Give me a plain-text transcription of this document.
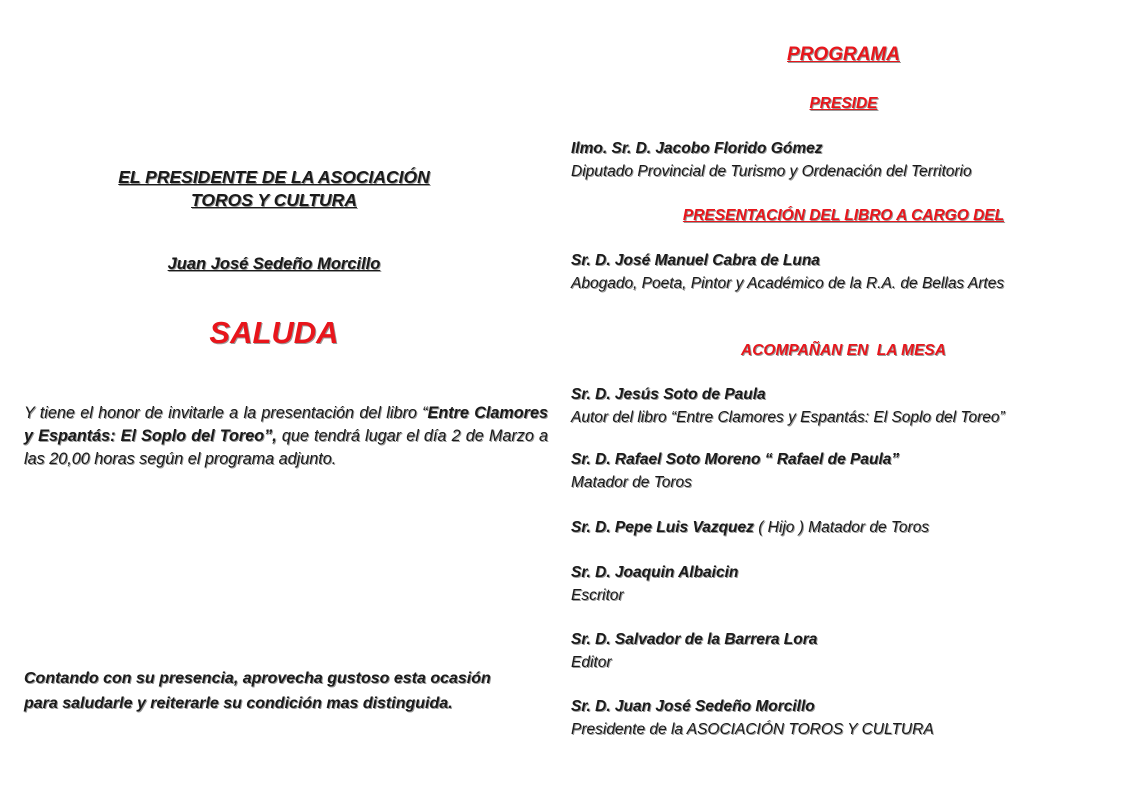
EL PRESIDENTE DE LA ASOCIACIÓN
TOROS Y CULTURA
Juan José Sedeño Morcillo
SALUDA
Y tiene el honor de invitarle a la presentación del libro “Entre Clamores y Espantás: El Soplo del Toreo”, que tendrá lugar el día 2 de Marzo a las 20,00 horas según el programa adjunto.
Contando con su presencia, aprovecha gustoso esta ocasión para saludarle y reiterarle su condición mas distinguida.
PROGRAMA
PRESIDE
Ilmo. Sr. D. Jacobo Florido Gómez
Diputado Provincial de Turismo y Ordenación del Territorio
PRESENTACIÓN DEL LIBRO A CARGO DEL
Sr. D. José Manuel Cabra de Luna
Abogado, Poeta, Pintor y Académico de la R.A. de Bellas Artes
ACOMPAÑAN EN  LA MESA
Sr. D. Jesús Soto de Paula
Autor del libro “Entre Clamores y Espantás: El Soplo del Toreo”
Sr. D. Rafael Soto Moreno “ Rafael de Paula”
Matador de Toros
Sr. D. Pepe Luis Vazquez ( Hijo ) Matador de Toros
Sr. D. Joaquin Albaicin
Escritor
Sr. D. Salvador de la Barrera Lora
Editor
Sr. D. Juan José Sedeño Morcillo
Presidente de la ASOCIACIÓN TOROS Y CULTURA
